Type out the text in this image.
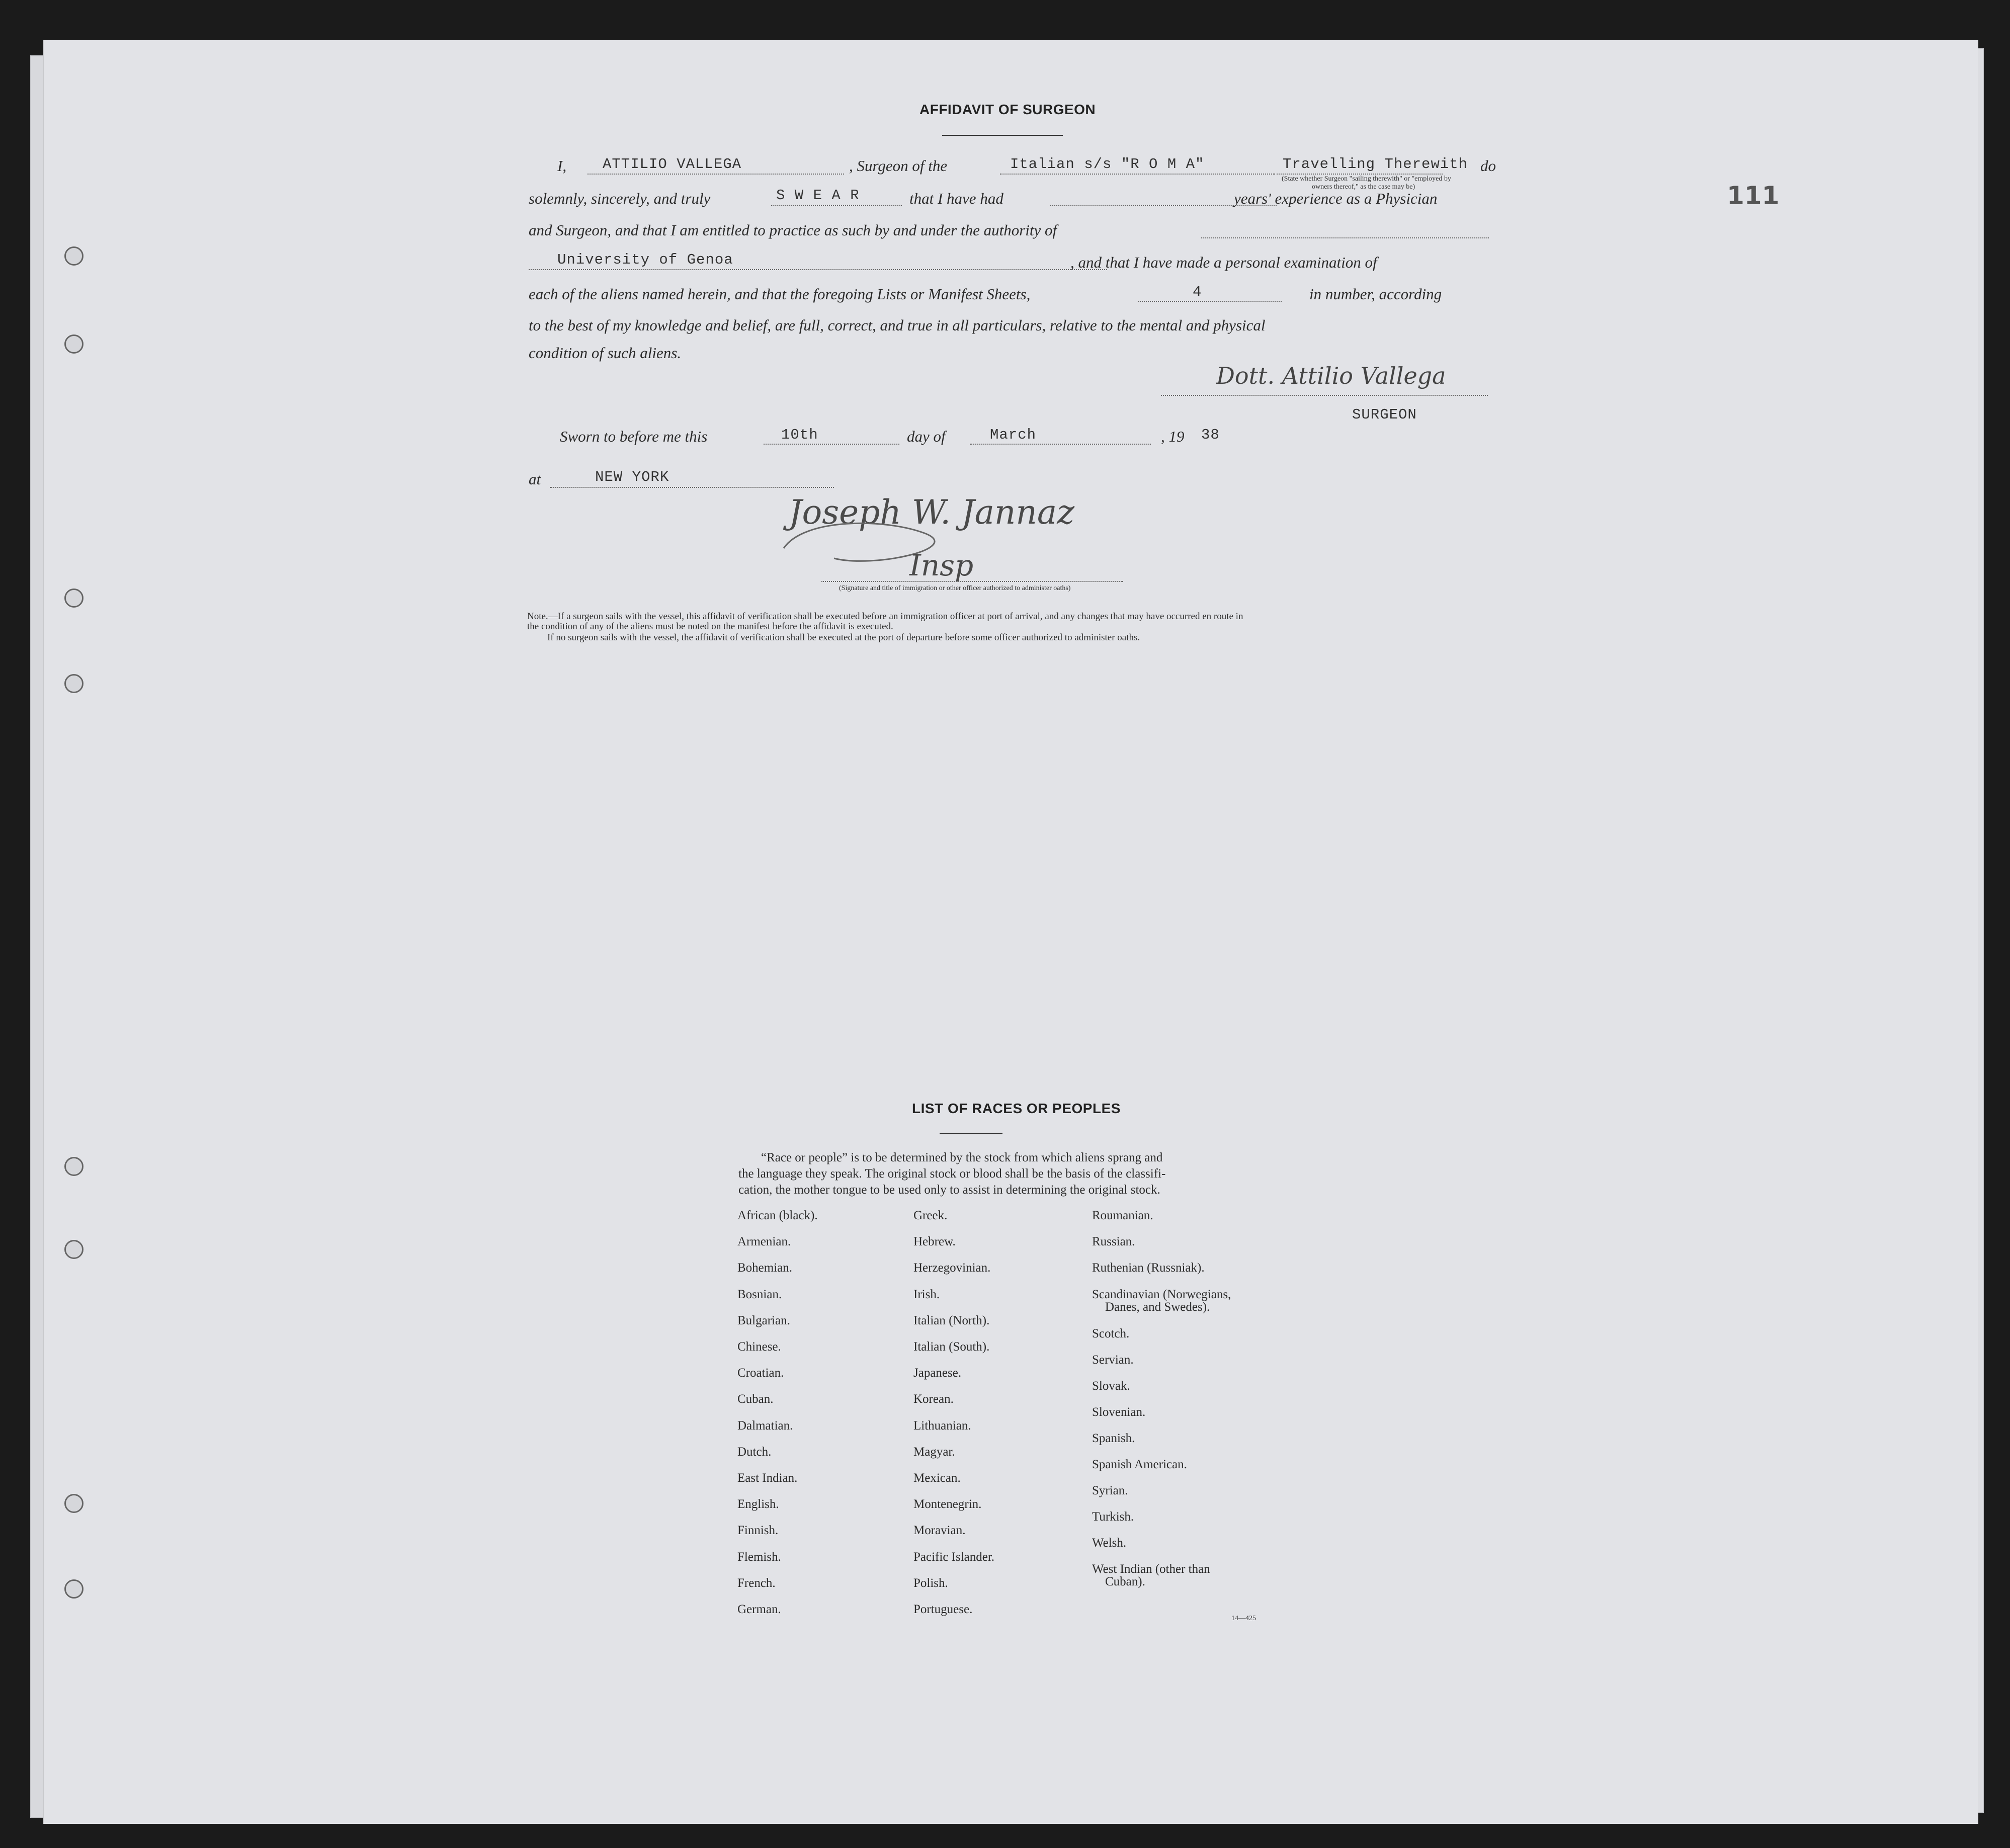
111
AFFIDAVIT OF SURGEON
I, ATTILIO VALLEGA	, Surgeon of the	Italian s/s "R O M A"	Travelling Therewith do
(State whether Surgeon "sailing therewith" or "employed by
owners thereof," as the case may be)
solemnly, sincerely, and truly	S W E A R	that I have had	years' experience as a Physician
and Surgeon, and that I am entitled to practice as such by and under the authority of
University of Genoa	, and that I have made a personal examination of
each of the aliens named herein, and that the foregoing Lists or Manifest Sheets,	4	in number, according
to the best of my knowledge and belief, are full, correct, and true in all particulars, relative to the mental and physical
condition of such aliens.
Dott. Attilio Vallega
SURGEON
Sworn to before me this	10th	day of	March	, 19 38
at	NEW YORK
Joseph W. Jannaz
Insp
(Signature and title of immigration or other officer authorized to administer oaths)
Note.—If a surgeon sails with the vessel, this affidavit of verification shall be executed before an immigration officer at port of arrival, and any changes that may have occurred en route in
the condition of any of the aliens must be noted on the manifest before the affidavit is executed.
If no surgeon sails with the vessel, the affidavit of verification shall be executed at the port of departure before some officer authorized to administer oaths.
LIST OF RACES OR PEOPLES
“Race or people” is to be determined by the stock from which aliens sprang and
the language they speak. The original stock or blood shall be the basis of the classifi-
cation, the mother tongue to be used only to assist in determining the original stock.
African (black).
Armenian.
Bohemian.
Bosnian.
Bulgarian.
Chinese.
Croatian.
Cuban.
Dalmatian.
Dutch.
East Indian.
English.
Finnish.
Flemish.
French.
German.
Greek.
Hebrew.
Herzegovinian.
Irish.
Italian (North).
Italian (South).
Japanese.
Korean.
Lithuanian.
Magyar.
Mexican.
Montenegrin.
Moravian.
Pacific Islander.
Polish.
Portuguese.
Roumanian.
Russian.
Ruthenian (Russniak).
Scandinavian (Norwegians,
Danes, and Swedes).
Scotch.
Servian.
Slovak.
Slovenian.
Spanish.
Spanish American.
Syrian.
Turkish.
Welsh.
West Indian (other than
Cuban).
14—425
